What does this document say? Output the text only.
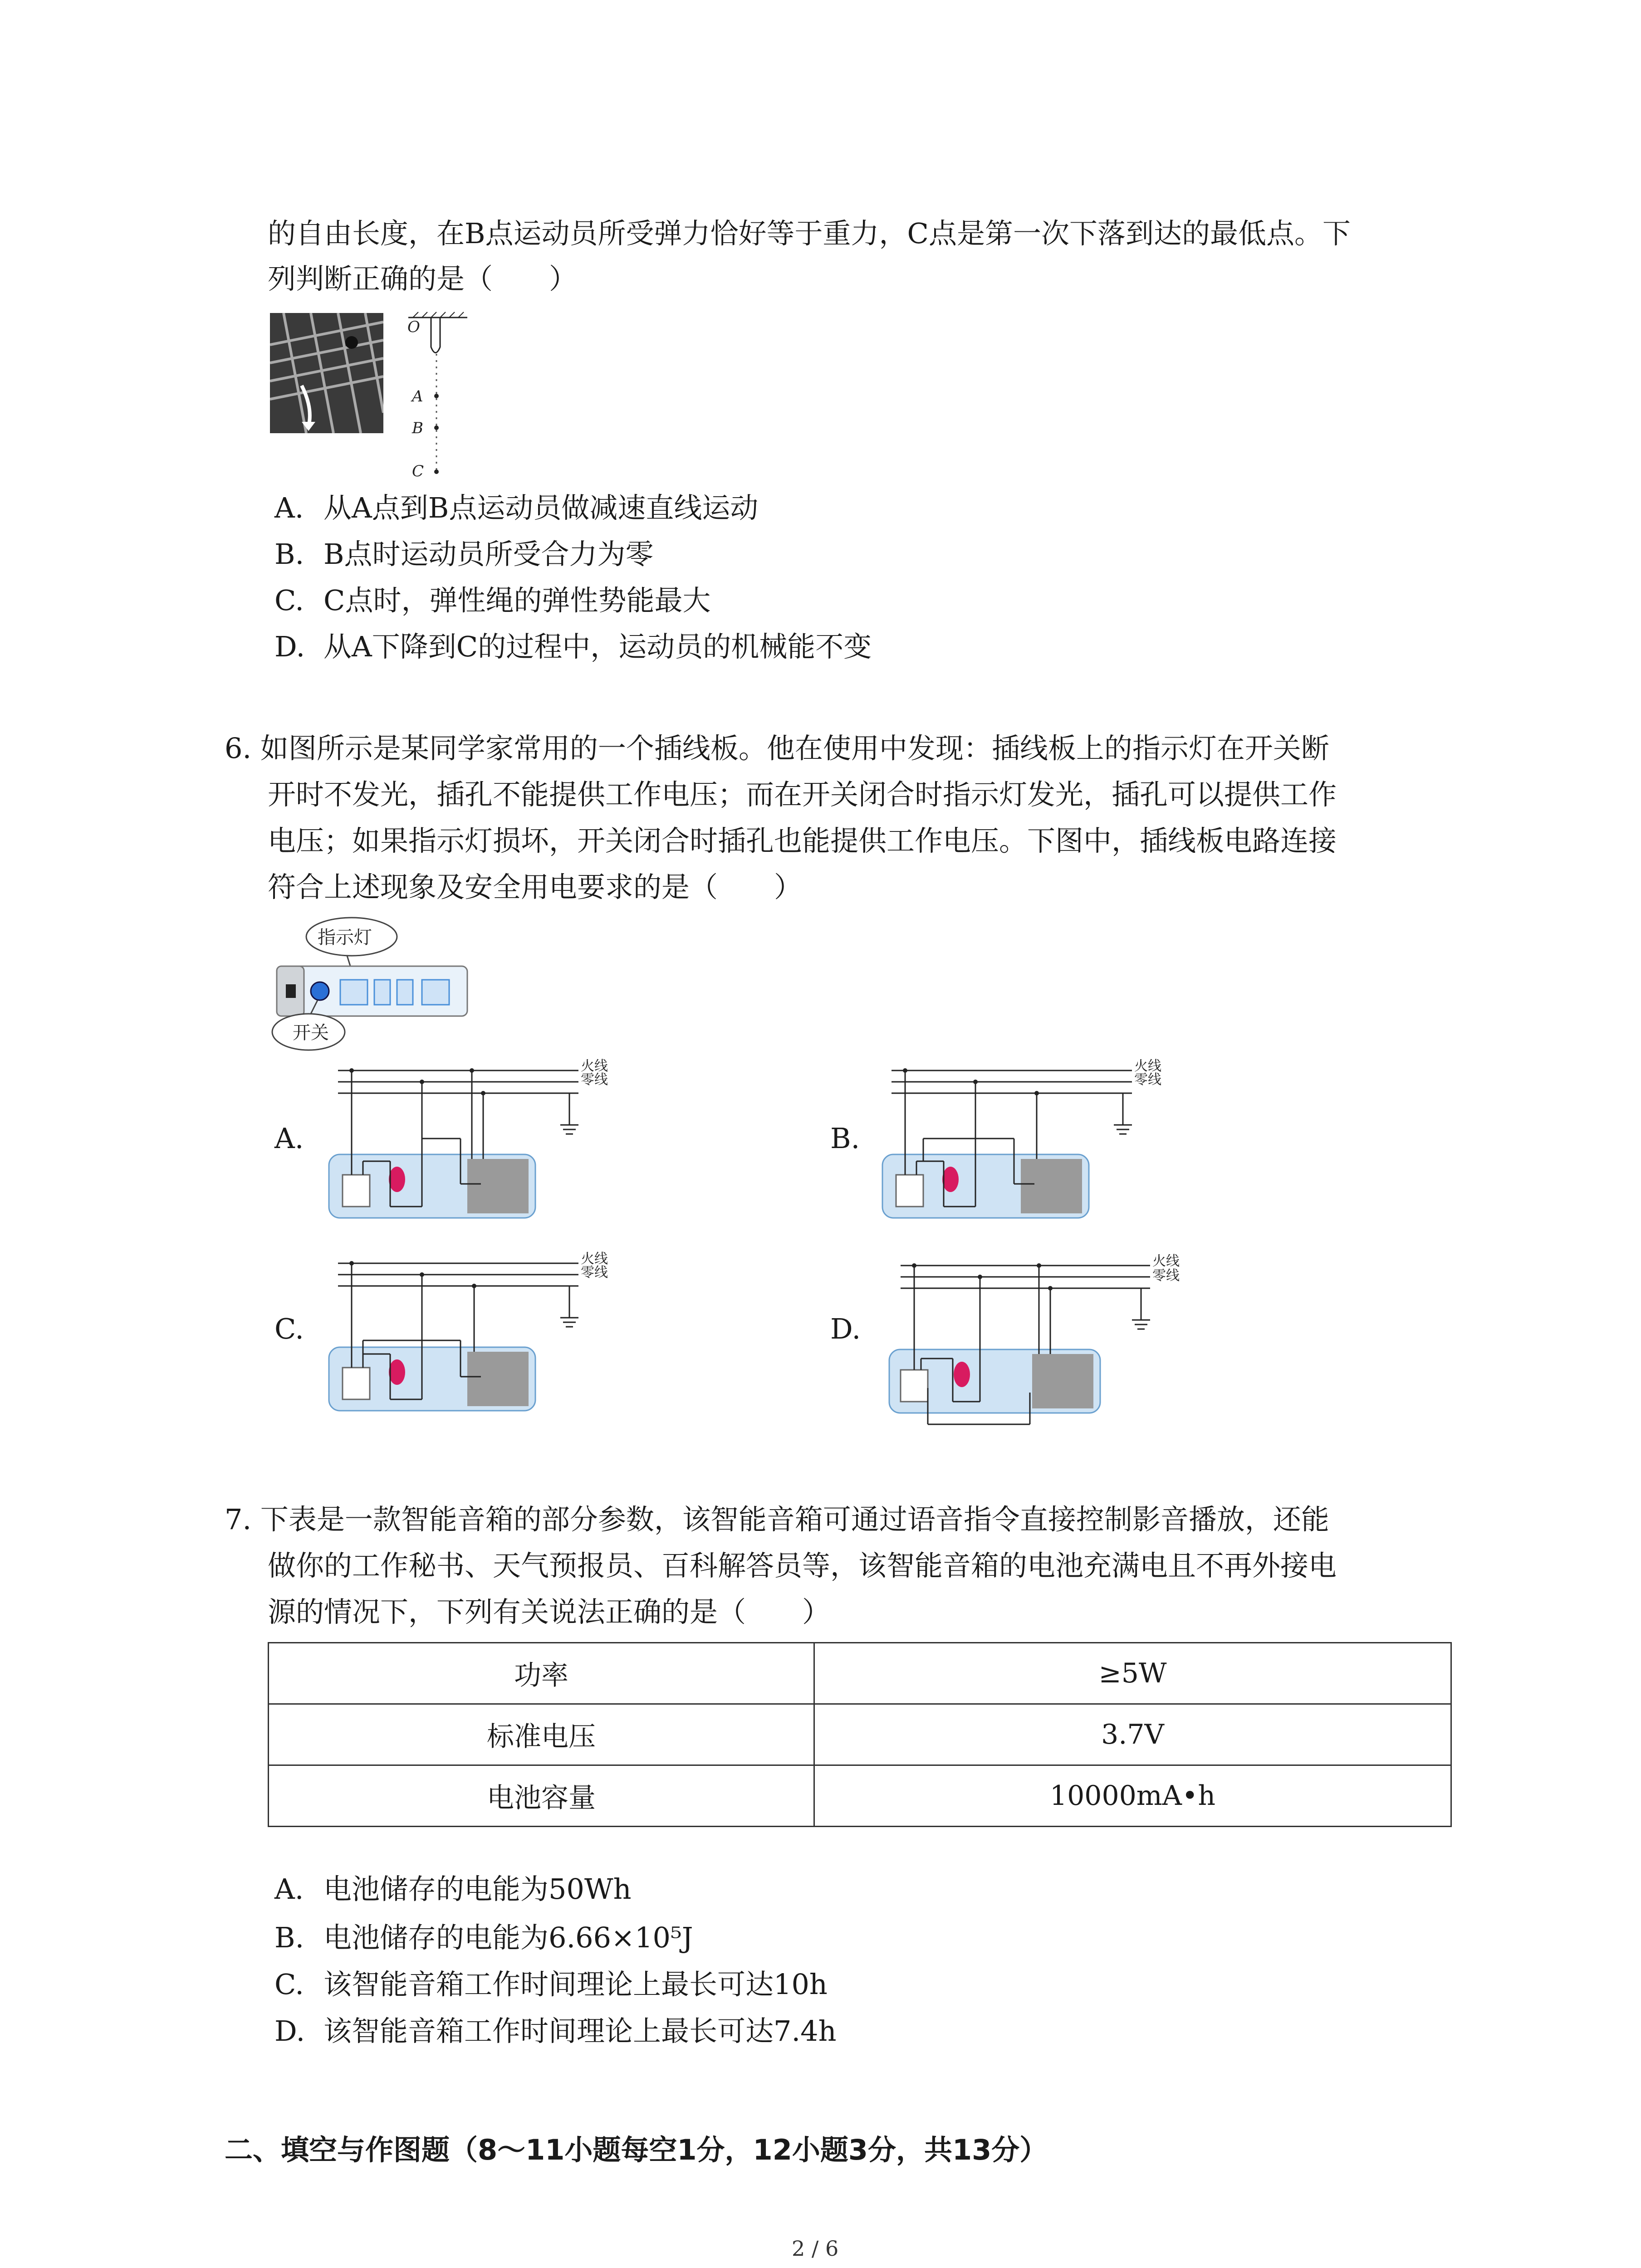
的自由长度，在B点运动员所受弹力恰好等于重力，C点是第一次下落到达的最低点。下
列判断正确的是（　　）
O
A
B
C
A. 从A点到B点运动员做减速直线运动
B. B点时运动员所受合力为零
C. C点时，弹性绳的弹性势能最大
D. 从A下降到C的过程中，运动员的机械能不变
6. 如图所示是某同学家常用的一个插线板。他在使用中发现：插线板上的指示灯在开关断
开时不发光，插孔不能提供工作电压；而在开关闭合时指示灯发光，插孔可以提供工作
电压；如果指示灯损坏，开关闭合时插孔也能提供工作电压。下图中，插线板电路连接
符合上述现象及安全用电要求的是（　　）
指示灯
开关
A.
火线
零线
B.
火线
零线
C.
火线
零线
D.
火线
零线
7. 下表是一款智能音箱的部分参数，该智能音箱可通过语音指令直接控制影音播放，还能
做你的工作秘书、天气预报员、百科解答员等，该智能音箱的电池充满电且不再外接电
源的情况下，下列有关说法正确的是（　　）
功率	≥5W
标准电压	3.7V
电池容量	10000mA•h
A. 电池储存的电能为50Wh
B. 电池储存的电能为6.66×10⁵J
C. 该智能音箱工作时间理论上最长可达10h
D. 该智能音箱工作时间理论上最长可达7.4h
二、填空与作图题（8～11小题每空1分，12小题3分，共13分）
2 / 6
